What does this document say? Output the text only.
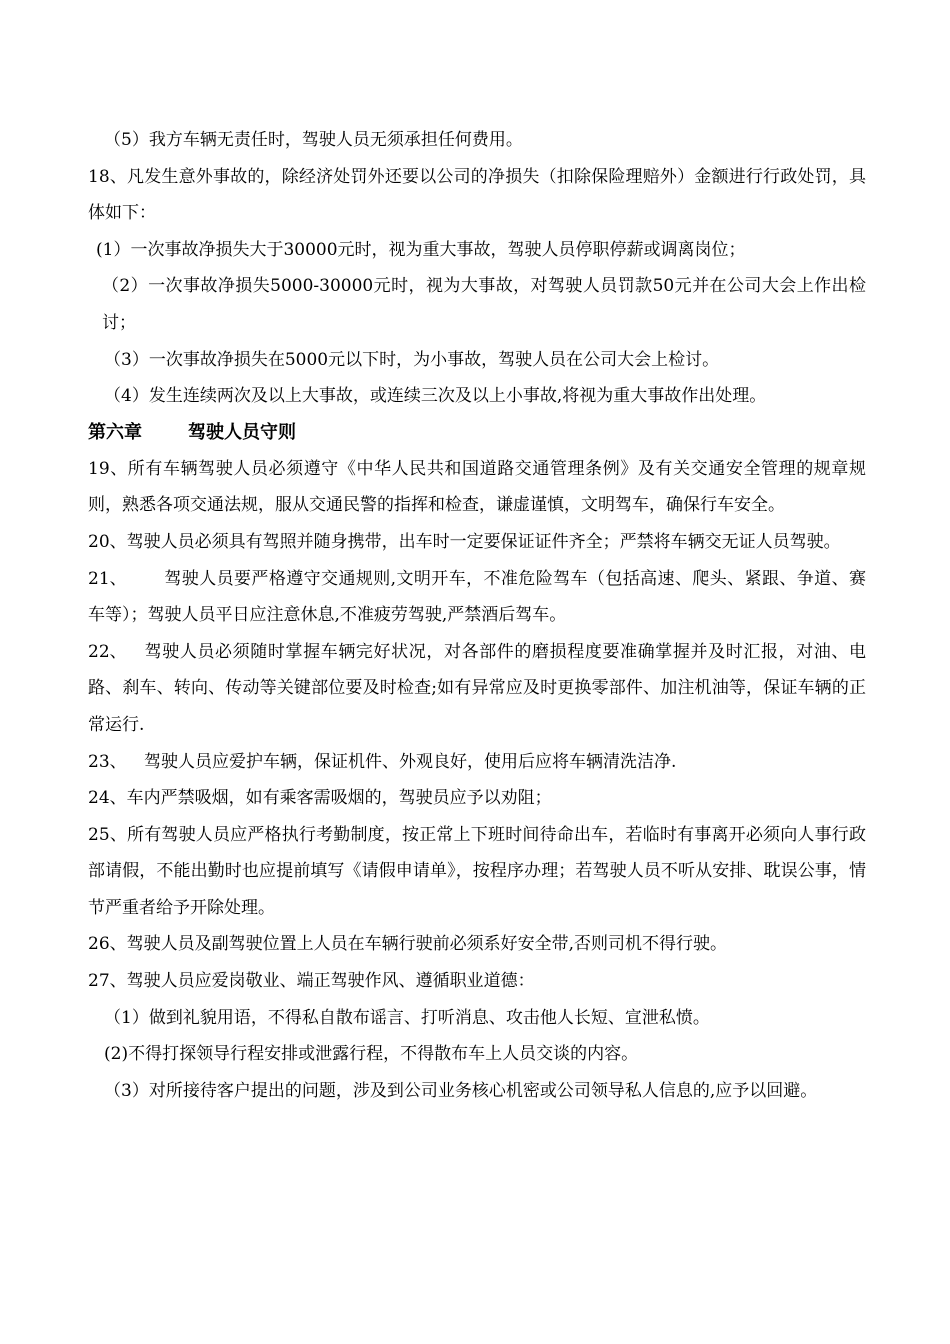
（5）我方车辆无责任时，驾驶人员无须承担任何费用。

18、凡发生意外事故的，除经济处罚外还要以公司的净损失（扣除保险理赔外）金额进行行政处罚，具体如下：

(1）一次事故净损失大于30000元时，视为重大事故，驾驶人员停职停薪或调离岗位；

（2）一次事故净损失5000-30000元时，视为大事故，对驾驶人员罚款50元并在公司大会上作出检讨；

（3）一次事故净损失在5000元以下时，为小事故，驾驶人员在公司大会上检讨。

（4）发生连续两次及以上大事故，或连续三次及以上小事故,将视为重大事故作出处理。

第六章	驾驶人员守则

19、所有车辆驾驶人员必须遵守《中华人民共和国道路交通管理条例》及有关交通安全管理的规章规则，熟悉各项交通法规，服从交通民警的指挥和检查，谦虚谨慎，文明驾车，确保行车安全。

20、驾驶人员必须具有驾照并随身携带，出车时一定要保证证件齐全；严禁将车辆交无证人员驾驶。

21、 驾驶人员要严格遵守交通规则,文明开车，不准危险驾车（包括高速、爬头、紧跟、争道、赛车等）；驾驶人员平日应注意休息,不准疲劳驾驶,严禁酒后驾车。

22、 驾驶人员必须随时掌握车辆完好状况，对各部件的磨损程度要准确掌握并及时汇报，对油、电路、刹车、转向、传动等关键部位要及时检查;如有异常应及时更换零部件、加注机油等，保证车辆的正常运行.

23、 驾驶人员应爱护车辆，保证机件、外观良好，使用后应将车辆清洗洁净.

24、车内严禁吸烟，如有乘客需吸烟的，驾驶员应予以劝阻；

25、所有驾驶人员应严格执行考勤制度，按正常上下班时间待命出车，若临时有事离开必须向人事行政部请假，不能出勤时也应提前填写《请假申请单》，按程序办理；若驾驶人员不听从安排、耽误公事，情节严重者给予开除处理。

26、驾驶人员及副驾驶位置上人员在车辆行驶前必须系好安全带,否则司机不得行驶。

27、驾驶人员应爱岗敬业、端正驾驶作风、遵循职业道德：

（1）做到礼貌用语，不得私自散布谣言、打听消息、攻击他人长短、宣泄私愤。

(2)不得打探领导行程安排或泄露行程，不得散布车上人员交谈的内容。

（3）对所接待客户提出的问题，涉及到公司业务核心机密或公司领导私人信息的,应予以回避。
